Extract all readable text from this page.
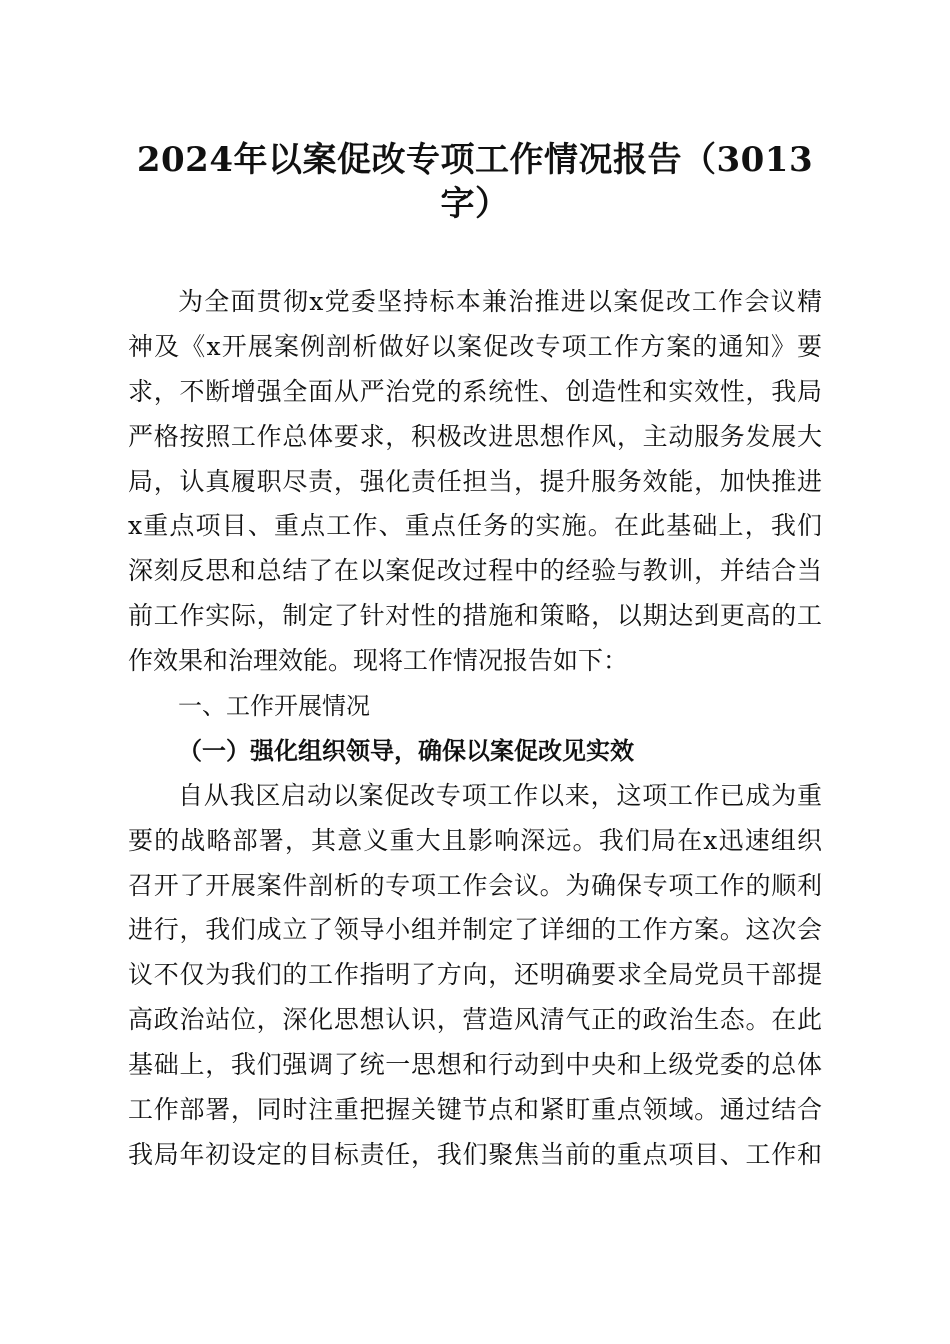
2024年以案促改专项工作情况报告（3013
字）
为全面贯彻x党委坚持标本兼治推进以案促改工作会议精
神及《x开展案例剖析做好以案促改专项工作方案的通知》要
求，不断增强全面从严治党的系统性、创造性和实效性，我局
严格按照工作总体要求，积极改进思想作风，主动服务发展大
局，认真履职尽责，强化责任担当，提升服务效能，加快推进
x重点项目、重点工作、重点任务的实施。在此基础上，我们
深刻反思和总结了在以案促改过程中的经验与教训，并结合当
前工作实际，制定了针对性的措施和策略，以期达到更高的工
作效果和治理效能。现将工作情况报告如下：
一、工作开展情况
（一）强化组织领导，确保以案促改见实效
自从我区启动以案促改专项工作以来，这项工作已成为重
要的战略部署，其意义重大且影响深远。我们局在x迅速组织
召开了开展案件剖析的专项工作会议。为确保专项工作的顺利
进行，我们成立了领导小组并制定了详细的工作方案。这次会
议不仅为我们的工作指明了方向，还明确要求全局党员干部提
高政治站位，深化思想认识，营造风清气正的政治生态。在此
基础上，我们强调了统一思想和行动到中央和上级党委的总体
工作部署，同时注重把握关键节点和紧盯重点领域。通过结合
我局年初设定的目标责任，我们聚焦当前的重点项目、工作和
